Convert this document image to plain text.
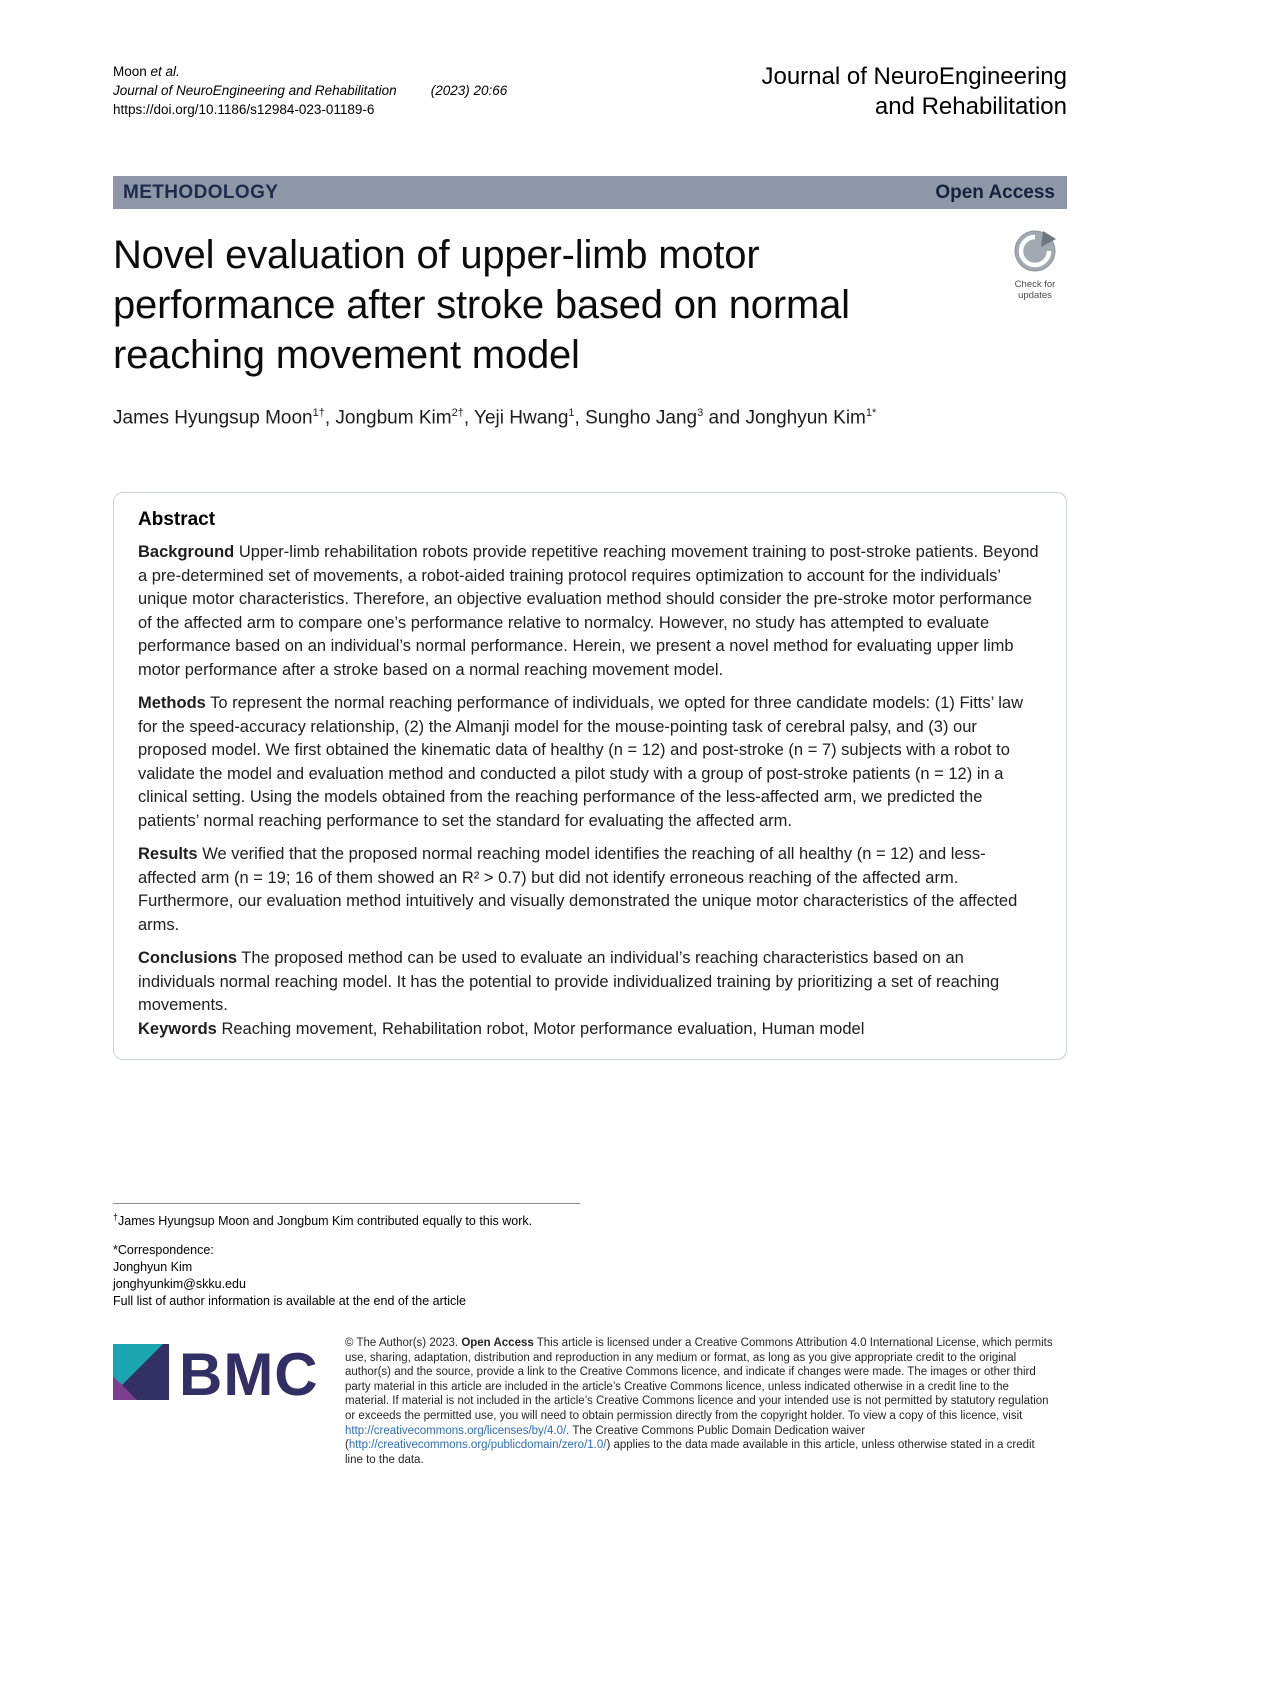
Moon et al.
Journal of NeuroEngineering and Rehabilitation	(2023) 20:66
https://doi.org/10.1186/s12984-023-01189-6
Journal of NeuroEngineering
and Rehabilitation
METHODOLOGY	Open Access
Novel evaluation of upper-limb motor performance after stroke based on normal reaching movement model
Check for
updates

James Hyungsup Moon$^{1\dagger}$, Jongbum Kim$^{2\dagger}$, Yeji Hwang$^1$, Sungho Jang$^3$ and Jonghyun Kim$^{1*}$

Abstract

Background Upper-limb rehabilitation robots provide repetitive reaching movement training to post-stroke patients. Beyond a pre-determined set of movements, a robot-aided training protocol requires optimization to account for the individuals’ unique motor characteristics. Therefore, an objective evaluation method should consider the pre-stroke motor performance of the affected arm to compare one’s performance relative to normalcy. However, no study has attempted to evaluate performance based on an individual’s normal performance. Herein, we present a novel method for evaluating upper limb motor performance after a stroke based on a normal reaching movement model.

Methods To represent the normal reaching performance of individuals, we opted for three candidate models: (1) Fitts’ law for the speed-accuracy relationship, (2) the Almanji model for the mouse-pointing task of cerebral palsy, and (3) our proposed model. We first obtained the kinematic data of healthy (n = 12) and post-stroke (n = 7) subjects with a robot to validate the model and evaluation method and conducted a pilot study with a group of post-stroke patients (n = 12) in a clinical setting. Using the models obtained from the reaching performance of the less-affected arm, we predicted the patients’ normal reaching performance to set the standard for evaluating the affected arm.

Results We verified that the proposed normal reaching model identifies the reaching of all healthy (n = 12) and less-affected arm (n = 19; 16 of them showed an R² > 0.7) but did not identify erroneous reaching of the affected arm. Furthermore, our evaluation method intuitively and visually demonstrated the unique motor characteristics of the affected arms.

Conclusions The proposed method can be used to evaluate an individual’s reaching characteristics based on an individuals normal reaching model. It has the potential to provide individualized training by prioritizing a set of reaching movements.

Keywords Reaching movement, Rehabilitation robot, Motor performance evaluation, Human model

†James Hyungsup Moon and Jongbum Kim contributed equally to this work.

*Correspondence:

Jonghyun Kim

jonghyunkim@skku.edu

Full list of author information is available at the end of the article

BMC © The Author(s) 2023. Open Access This article is licensed under a Creative Commons Attribution 4.0 International License, which permits use, sharing, adaptation, distribution and reproduction in any medium or format, as long as you give appropriate credit to the original author(s) and the source, provide a link to the Creative Commons licence, and indicate if changes were made. The images or other third party material in this article are included in the article’s Creative Commons licence, unless indicated otherwise in a credit line to the material. If material is not included in the article’s Creative Commons licence and your intended use is not permitted by statutory regulation or exceeds the permitted use, you will need to obtain permission directly from the copyright holder. To view a copy of this licence, visit http://creativecommons.org/licenses/by/4.0/. The Creative Commons Public Domain Dedication waiver (http://creativecommons.org/publicdomain/zero/1.0/) applies to the data made available in this article, unless otherwise stated in a credit line to the data.
